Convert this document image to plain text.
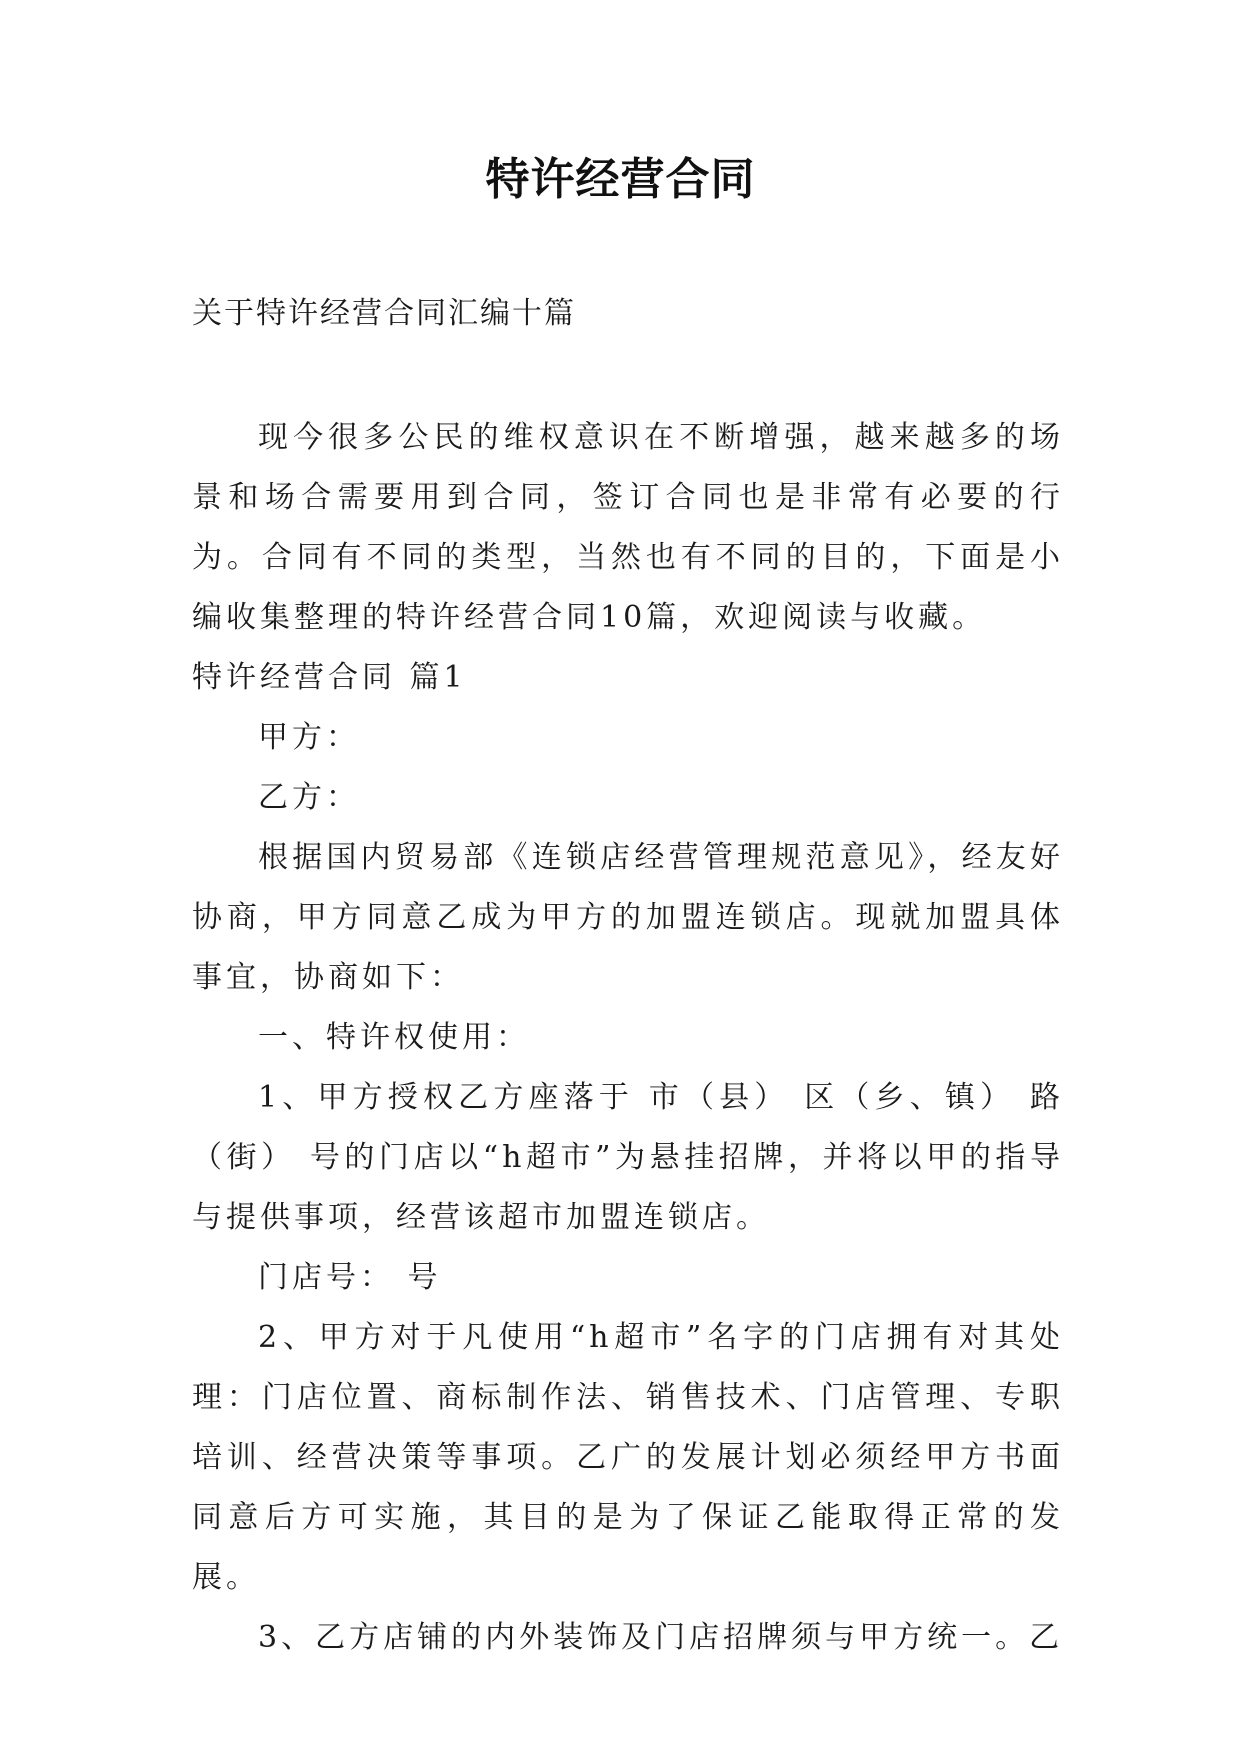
特许经营合同
关于特许经营合同汇编十篇

现今很多公民的维权意识在不断增强，越来越多的场景和场合需要用到合同，签订合同也是非常有必要的行为。合同有不同的类型，当然也有不同的目的，下面是小编收集整理的特许经营合同10篇，欢迎阅读与收藏。

特许经营合同 篇1

甲方：

乙方：

根据国内贸易部《连锁店经营管理规范意见》，经友好协商，甲方同意乙成为甲方的加盟连锁店。现就加盟具体事宜，协商如下：

一、特许权使用：

1、甲方授权乙方座落于 市（县） 区（乡、镇） 路（街） 号的门店以“h超市”为悬挂招牌，并将以甲的指导与提供事项，经营该超市加盟连锁店。

门店号： 号

2、甲方对于凡使用“h超市”名字的门店拥有对其处理：门店位置、商标制作法、销售技术、门店管理、专职培训、经营决策等事项。乙广的发展计划必须经甲方书面同意后方可实施，其目的是为了保证乙能取得正常的发展。

3、乙方店铺的内外装饰及门店招牌须与甲方统一。乙
